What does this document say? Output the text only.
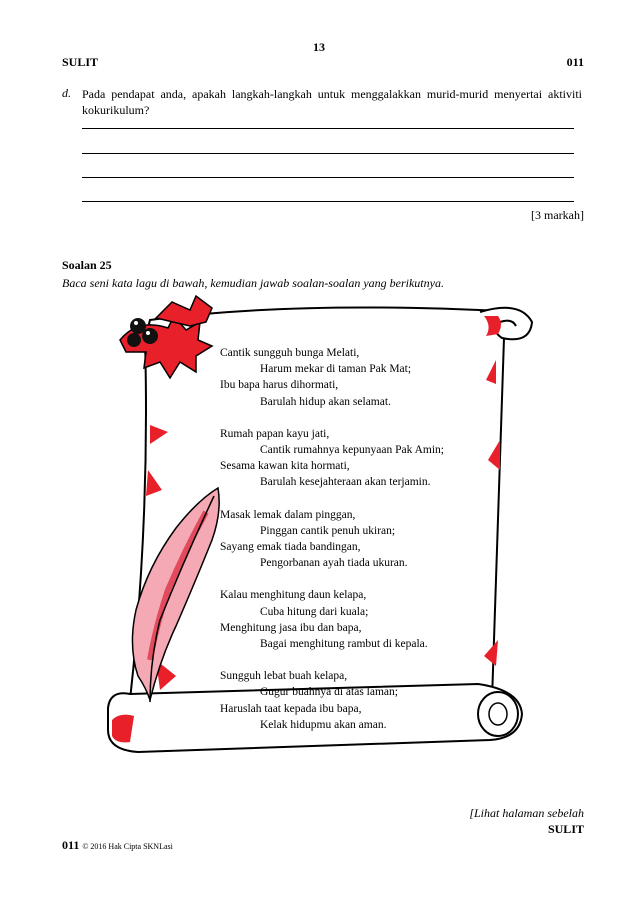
13
SULIT	011
d. Pada pendapat anda, apakah langkah-langkah untuk menggalakkan murid-murid menyertai aktiviti kokurikulum?
[3 markah]
Soalan 25
Baca seni kata lagu di bawah, kemudian jawab soalan-soalan yang berikutnya.
Cantik sungguh bunga Melati,
Harum mekar di taman Pak Mat;
Ibu bapa harus dihormati,
Barulah hidup akan selamat.
Rumah papan kayu jati,
Cantik rumahnya kepunyaan Pak Amin;
Sesama kawan kita hormati,
Barulah kesejahteraan akan terjamin.
Masak lemak dalam pinggan,
Pinggan cantik penuh ukiran;
Sayang emak tiada bandingan,
Pengorbanan ayah tiada ukuran.
Kalau menghitung daun kelapa,
Cuba hitung dari kuala;
Menghitung jasa ibu dan bapa,
Bagai menghitung rambut di kepala.
Sungguh lebat buah kelapa,
Gugur buahnya di atas laman;
Haruslah taat kepada ibu bapa,
Kelak hidupmu akan aman.
[Lihat halaman sebelah
SULIT
011 © 2016 Hak Cipta SKNLasi
